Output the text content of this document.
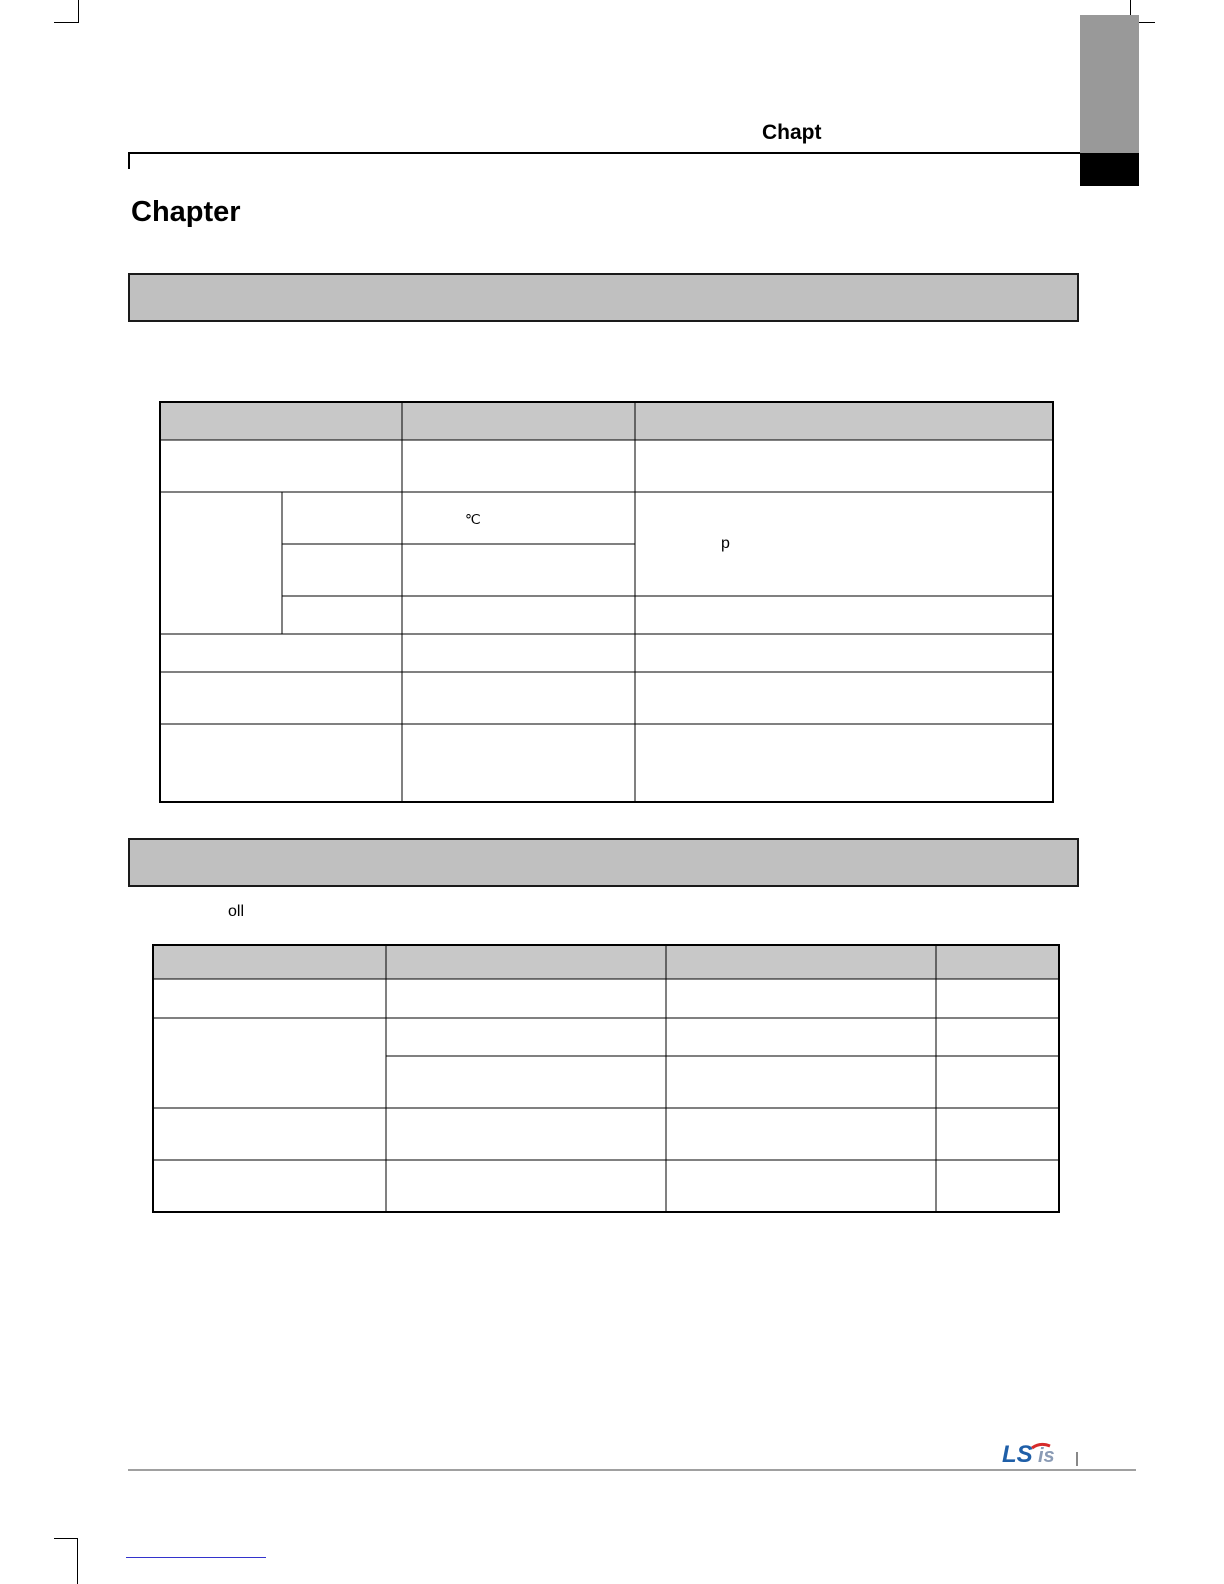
Chapt
Chapter
℃
p
oll
LS is
